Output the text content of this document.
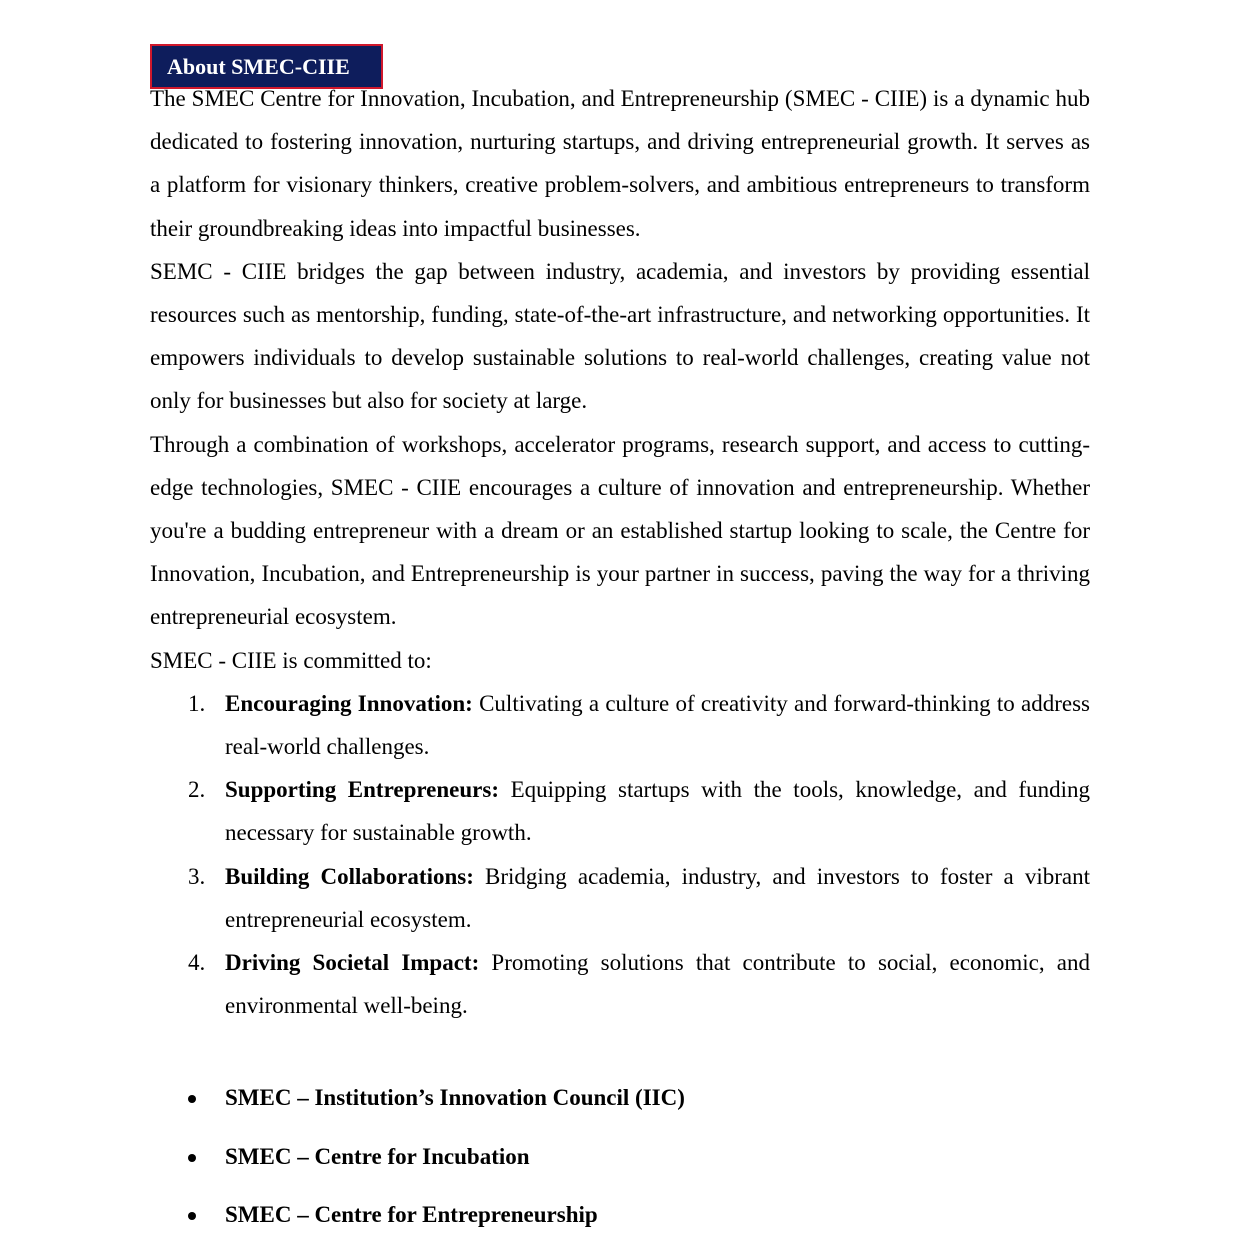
About SMEC-CIIE

The SMEC Centre for Innovation, Incubation, and Entrepreneurship (SMEC - CIIE) is a dynamic hub dedicated to fostering innovation, nurturing startups, and driving entrepreneurial growth. It serves as a platform for visionary thinkers, creative problem-solvers, and ambitious entrepreneurs to transform their groundbreaking ideas into impactful businesses.

SEMC - CIIE bridges the gap between industry, academia, and investors by providing essential resources such as mentorship, funding, state-of-the-art infrastructure, and networking opportunities. It empowers individuals to develop sustainable solutions to real-world challenges, creating value not only for businesses but also for society at large.

Through a combination of workshops, accelerator programs, research support, and access to cutting-edge technologies, SMEC - CIIE encourages a culture of innovation and entrepreneurship. Whether you're a budding entrepreneur with a dream or an established startup looking to scale, the Centre for Innovation, Incubation, and Entrepreneurship is your partner in success, paving the way for a thriving entrepreneurial ecosystem.

SMEC - CIIE is committed to:

1. Encouraging Innovation: Cultivating a culture of creativity and forward-thinking to address real-world challenges.
2. Supporting Entrepreneurs: Equipping startups with the tools, knowledge, and funding necessary for sustainable growth.
3. Building Collaborations: Bridging academia, industry, and investors to foster a vibrant entrepreneurial ecosystem.
4. Driving Societal Impact: Promoting solutions that contribute to social, economic, and environmental well-being.
SMEC – Institution’s Innovation Council (IIC)
SMEC – Centre for Incubation
SMEC – Centre for Entrepreneurship
